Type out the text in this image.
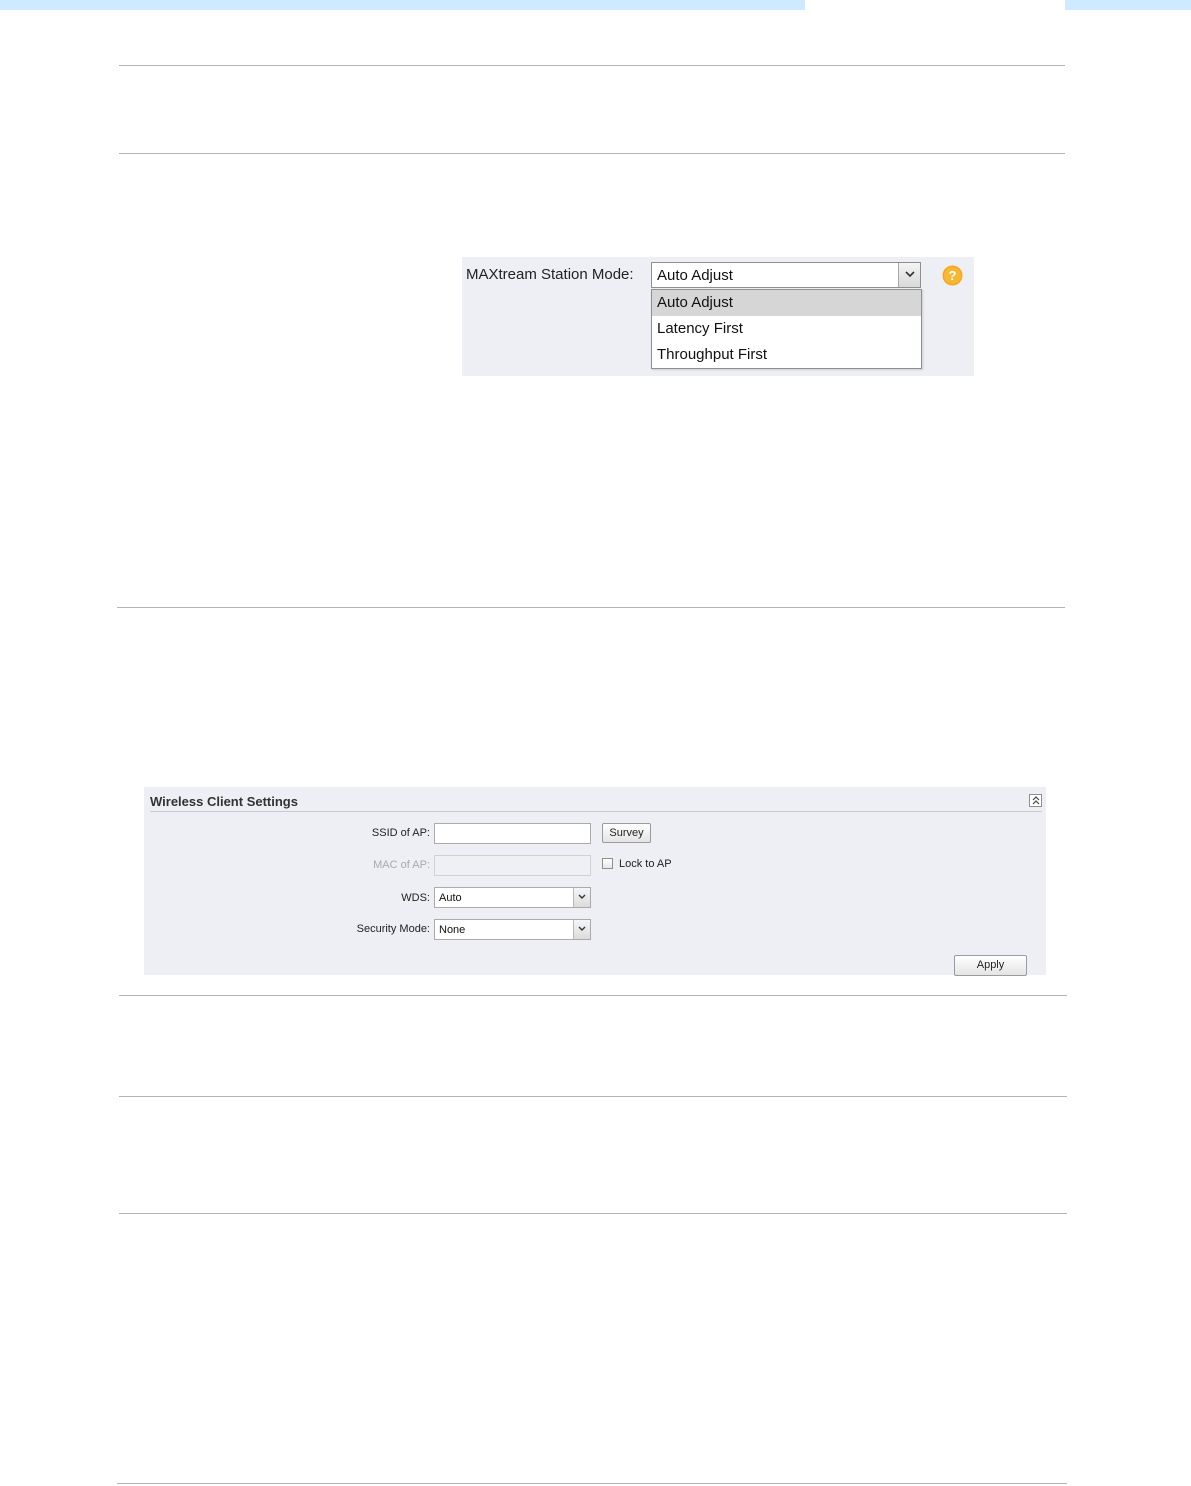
MAXtream Station Mode: Auto Adjust
Auto Adjust
Latency First
Throughput First
?
Wireless Client Settings
SSID of AP:	Survey
MAC of AP:	Lock to AP
WDS: Auto
Security Mode: None
Apply
